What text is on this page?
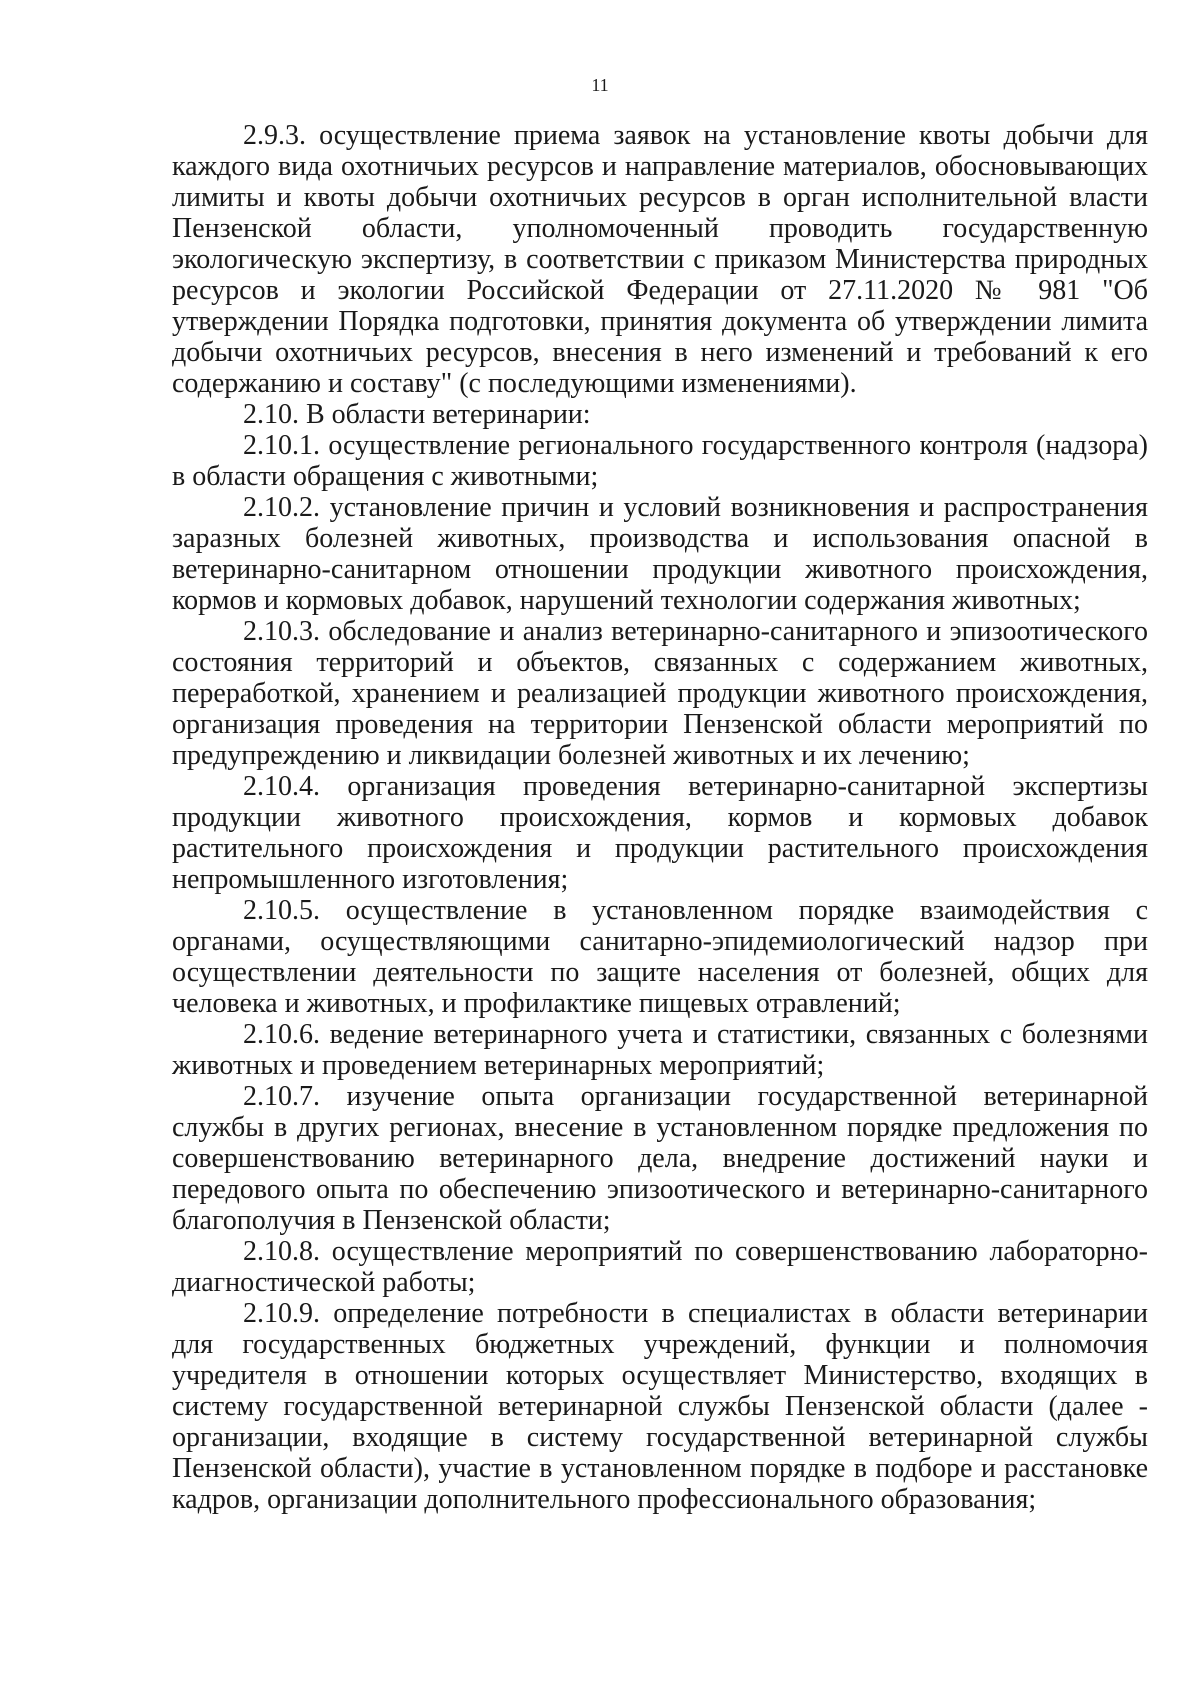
11

2.9.3. осуществление приема заявок на установление квоты добычи для каждого вида охотничьих ресурсов и направление материалов, обосновывающих лимиты и квоты добычи охотничьих ресурсов в орган исполнительной власти Пензенской области, уполномоченный проводить государственную экологическую экспертизу, в соответствии с приказом Министерства природных ресурсов и экологии Российской Федерации от 27.11.2020 № 981 "Об утверждении Порядка подготовки, принятия документа об утверждении лимита добычи охотничьих ресурсов, внесения в него изменений и требований к его содержанию и составу" (с последующими изменениями).

2.10. В области ветеринарии:

2.10.1. осуществление регионального государственного контроля (надзора) в области обращения с животными;

2.10.2. установление причин и условий возникновения и распространения заразных болезней животных, производства и использования опасной в ветеринарно-санитарном отношении продукции животного происхождения, кормов и кормовых добавок, нарушений технологии содержания животных;

2.10.3. обследование и анализ ветеринарно-санитарного и эпизоотического состояния территорий и объектов, связанных с содержанием животных, переработкой, хранением и реализацией продукции животного происхождения, организация проведения на территории Пензенской области мероприятий по предупреждению и ликвидации болезней животных и их лечению;

2.10.4. организация проведения ветеринарно-санитарной экспертизы продукции животного происхождения, кормов и кормовых добавок растительного происхождения и продукции растительного происхождения непромышленного изготовления;

2.10.5. осуществление в установленном порядке взаимодействия с органами, осуществляющими санитарно-эпидемиологический надзор при осуществлении деятельности по защите населения от болезней, общих для человека и животных, и профилактике пищевых отравлений;

2.10.6. ведение ветеринарного учета и статистики, связанных с болезнями животных и проведением ветеринарных мероприятий;

2.10.7. изучение опыта организации государственной ветеринарной службы в других регионах, внесение в установленном порядке предложения по совершенствованию ветеринарного дела, внедрение достижений науки и передового опыта по обеспечению эпизоотического и ветеринарно-санитарного благополучия в Пензенской области;

2.10.8. осуществление мероприятий по совершенствованию лабораторно-диагностической работы;

2.10.9. определение потребности в специалистах в области ветеринарии для государственных бюджетных учреждений, функции и полномочия учредителя в отношении которых осуществляет Министерство, входящих в систему государственной ветеринарной службы Пензенской области (далее - организации, входящие в систему государственной ветеринарной службы Пензенской области), участие в установленном порядке в подборе и расстановке кадров, организации дополнительного профессионального образования;
